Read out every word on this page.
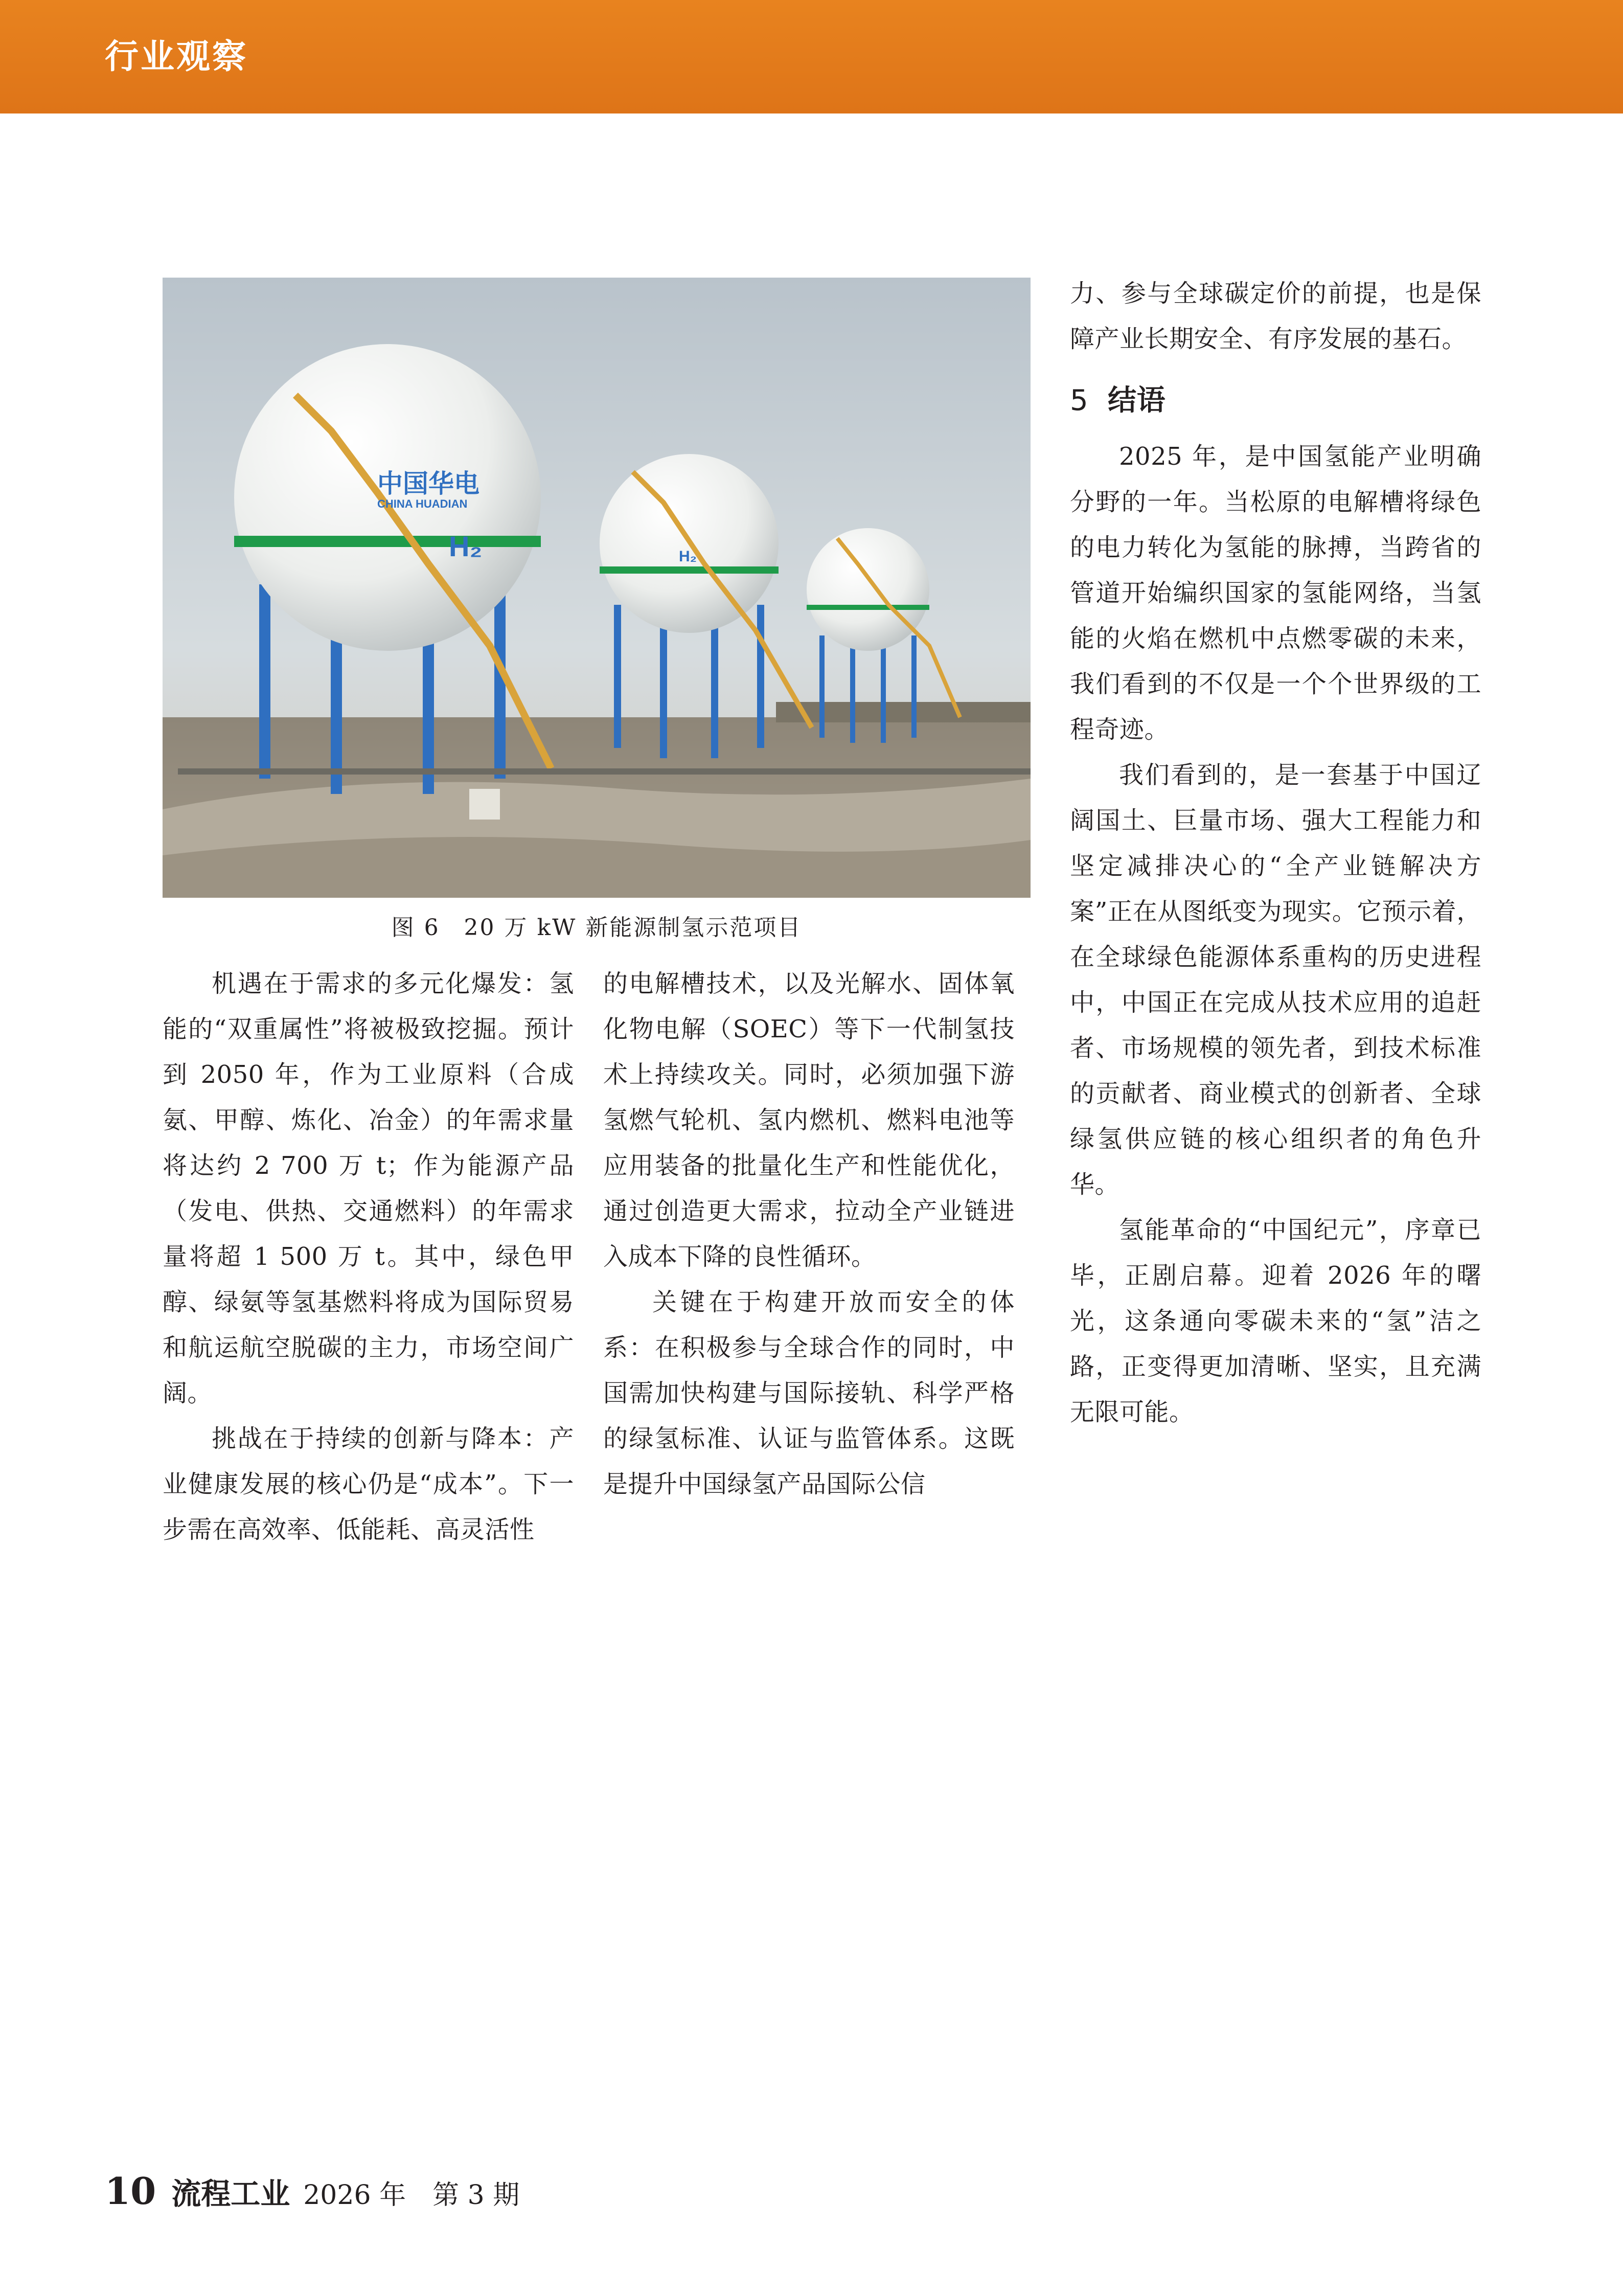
行业观察
H₂
中国华电
CHINA HUADIAN
H₂
图 6　20 万 kW 新能源制氢示范项目

机遇在于需求的多元化爆发：氢能的“双重属性”将被极致挖掘。预计到 2050 年，作为工业原料（合成氨、甲醇、炼化、冶金）的年需求量将达约 2 700 万 t；作为能源产品（发电、供热、交通燃料）的年需求量将超 1 500 万 t。其中，绿色甲醇、绿氨等氢基燃料将成为国际贸易和航运航空脱碳的主力，市场空间广阔。

挑战在于持续的创新与降本：产业健康发展的核心仍是“成本”。下一步需在高效率、低能耗、高灵活性

的电解槽技术，以及光解水、固体氧化物电解（SOEC）等下一代制氢技术上持续攻关。同时，必须加强下游氢燃气轮机、氢内燃机、燃料电池等应用装备的批量化生产和性能优化，通过创造更大需求，拉动全产业链进入成本下降的良性循环。

关键在于构建开放而安全的体系：在积极参与全球合作的同时，中国需加快构建与国际接轨、科学严格的绿氢标准、认证与监管体系。这既是提升中国绿氢产品国际公信

力、参与全球碳定价的前提，也是保障产业长期安全、有序发展的基石。

5 结语

2025 年，是中国氢能产业明确分野的一年。当松原的电解槽将绿色的电力转化为氢能的脉搏，当跨省的管道开始编织国家的氢能网络，当氢能的火焰在燃机中点燃零碳的未来，我们看到的不仅是一个个世界级的工程奇迹。

我们看到的，是一套基于中国辽阔国土、巨量市场、强大工程能力和坚定减排决心的“全产业链解决方案”正在从图纸变为现实。它预示着，在全球绿色能源体系重构的历史进程中，中国正在完成从技术应用的追赶者、市场规模的领先者，到技术标准的贡献者、商业模式的创新者、全球绿氢供应链的核心组织者的角色升华。

氢能革命的“中国纪元”，序章已毕，正剧启幕。迎着 2026 年的曙光，这条通向零碳未来的“氢”洁之路，正变得更加清晰、坚实，且充满无限可能。

10 流程工业 2026 年　第 3 期
